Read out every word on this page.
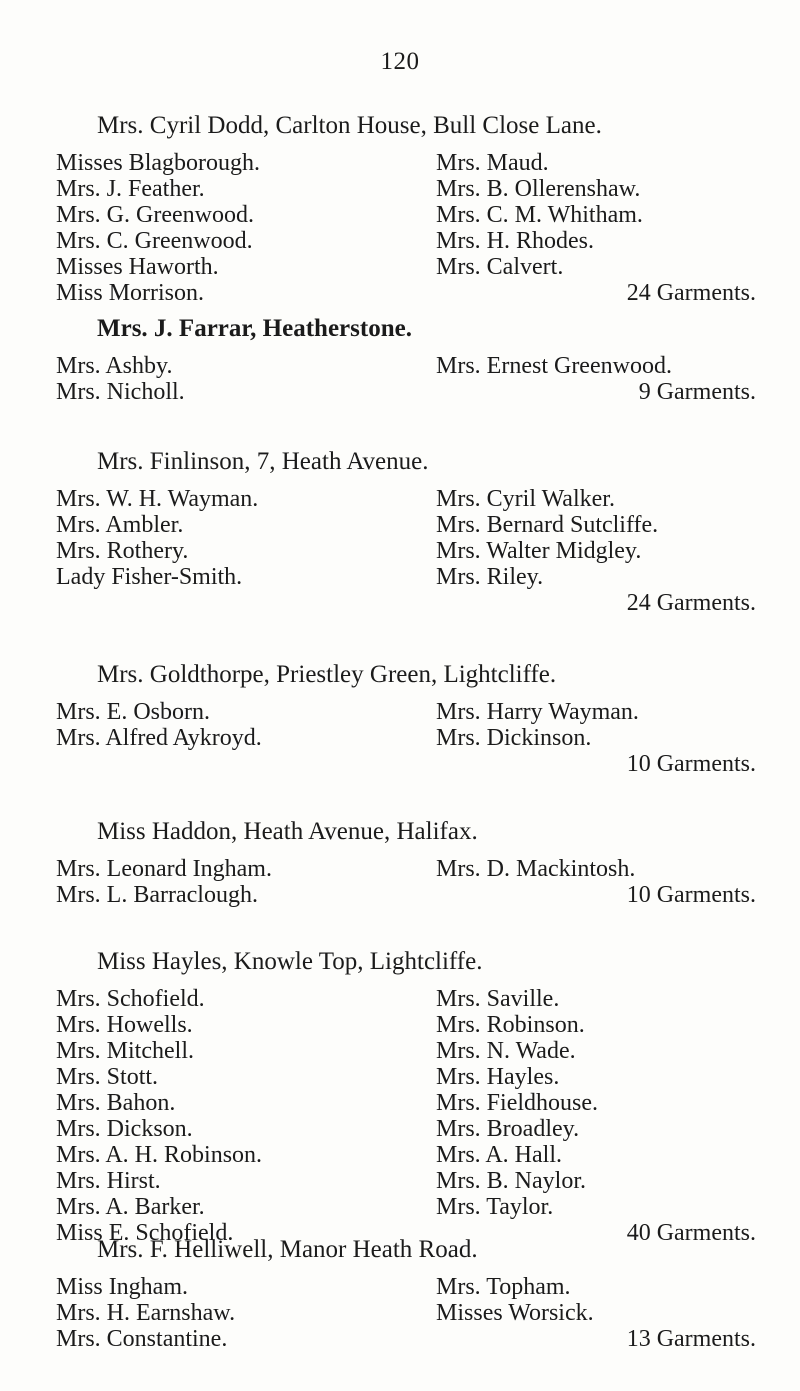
120
Mrs. Cyril Dodd, Carlton House, Bull Close Lane.
Misses Blagborough.
Mrs. J. Feather.
Mrs. G. Greenwood.
Mrs. C. Greenwood.
Misses Haworth.
Miss Morrison.
Mrs. Maud.
Mrs. B. Ollerenshaw.
Mrs. C. M. Whitham.
Mrs. H. Rhodes.
Mrs. Calvert.
24 Garments.
Mrs. J. Farrar, Heatherstone.
Mrs. Ashby.
Mrs. Nicholl.
Mrs. Ernest Greenwood.
9 Garments.
Mrs. Finlinson, 7, Heath Avenue.
Mrs. W. H. Wayman.
Mrs. Ambler.
Mrs. Rothery.
Lady Fisher-Smith.
Mrs. Cyril Walker.
Mrs. Bernard Sutcliffe.
Mrs. Walter Midgley.
Mrs. Riley.
24 Garments.
Mrs. Goldthorpe, Priestley Green, Lightcliffe.
Mrs. E. Osborn.
Mrs. Alfred Aykroyd.
Mrs. Harry Wayman.
Mrs. Dickinson.
10 Garments.
Miss Haddon, Heath Avenue, Halifax.
Mrs. Leonard Ingham.
Mrs. L. Barraclough.
Mrs. D. Mackintosh.
10 Garments.
Miss Hayles, Knowle Top, Lightcliffe.
Mrs. Schofield.
Mrs. Howells.
Mrs. Mitchell.
Mrs. Stott.
Mrs. Bahon.
Mrs. Dickson.
Mrs. A. H. Robinson.
Mrs. Hirst.
Mrs. A. Barker.
Miss E. Schofield.
Mrs. Saville.
Mrs. Robinson.
Mrs. N. Wade.
Mrs. Hayles.
Mrs. Fieldhouse.
Mrs. Broadley.
Mrs. A. Hall.
Mrs. B. Naylor.
Mrs. Taylor.
40 Garments.
Mrs. F. Helliwell, Manor Heath Road.
Miss Ingham.
Mrs. H. Earnshaw.
Mrs. Constantine.
Mrs. Topham.
Misses Worsick.
13 Garments.
